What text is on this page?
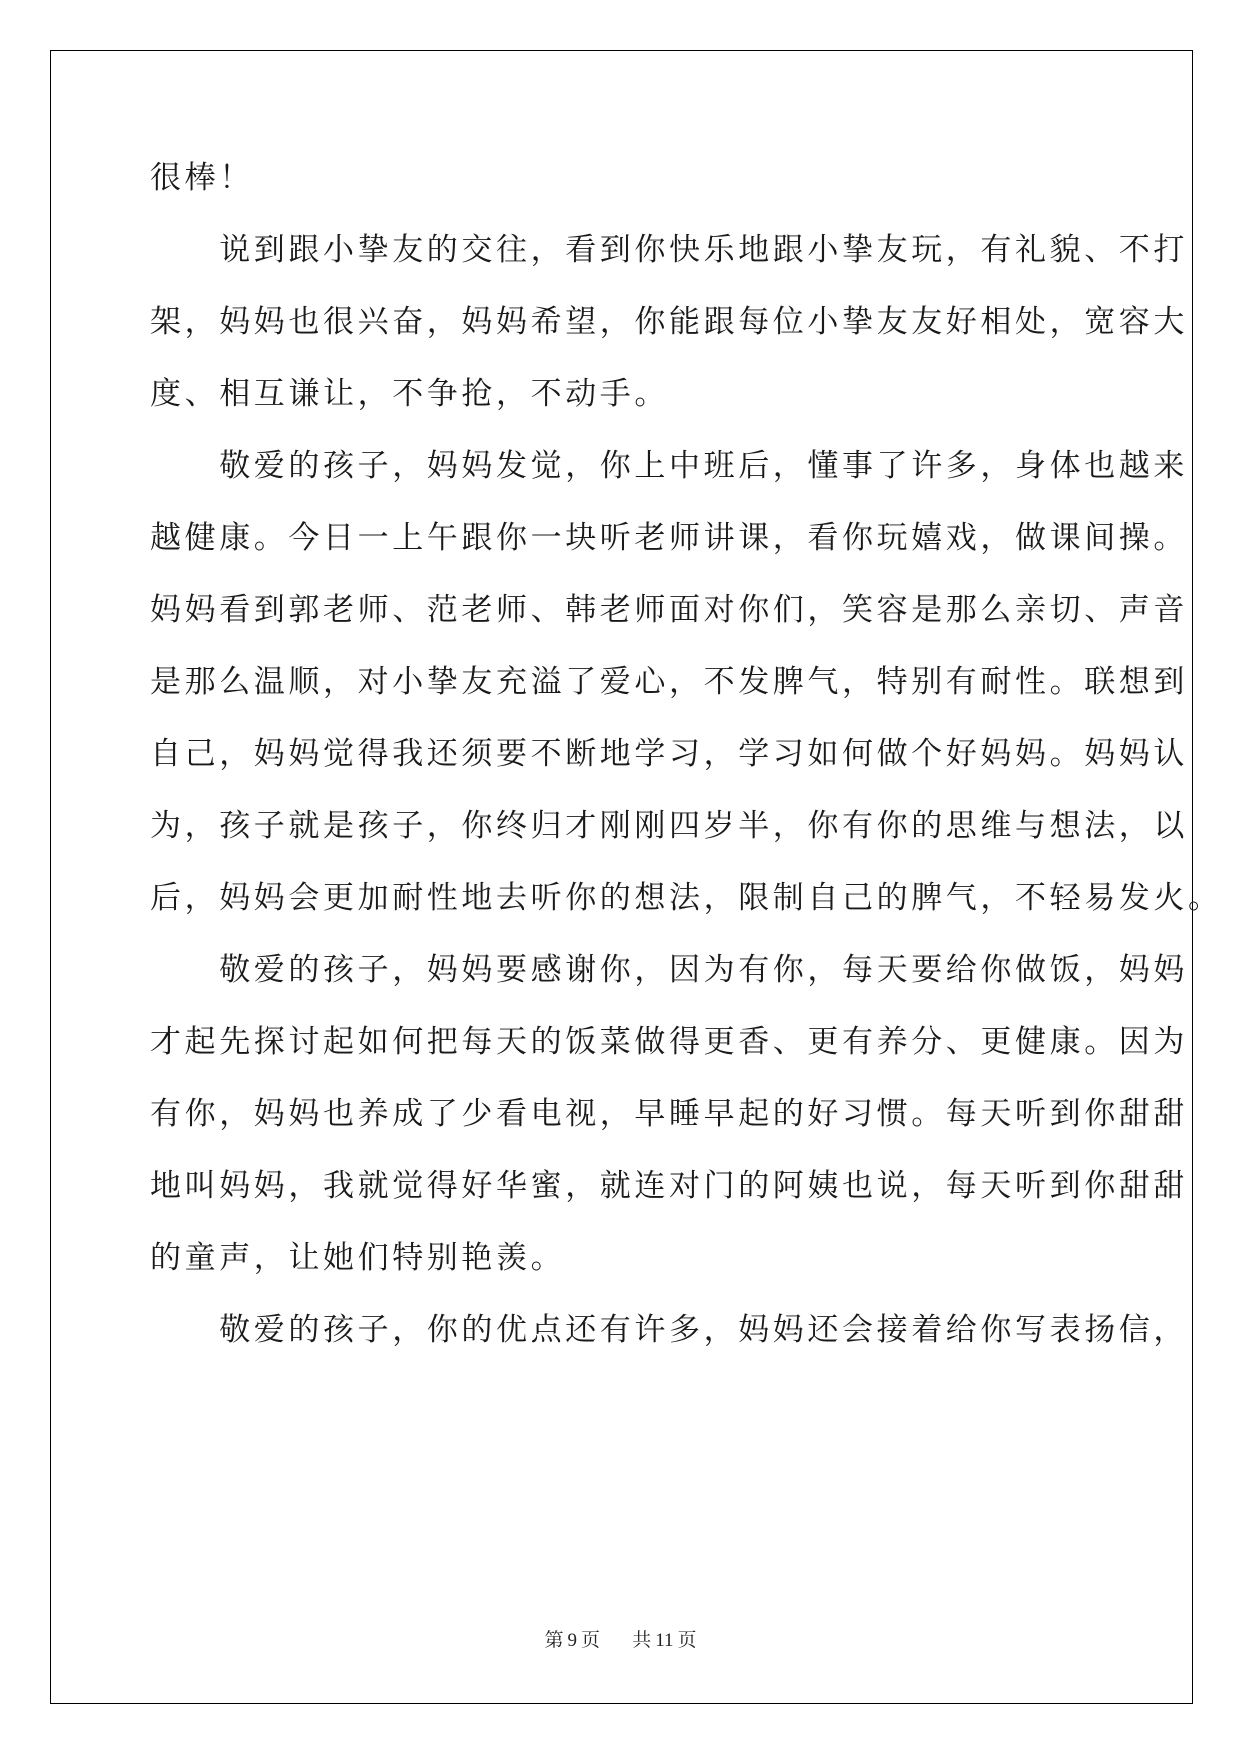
很棒！
　　说到跟小挚友的交往，看到你快乐地跟小挚友玩，有礼貌、不打
架，妈妈也很兴奋，妈妈希望，你能跟每位小挚友友好相处，宽容大
度、相互谦让，不争抢，不动手。
　　敬爱的孩子，妈妈发觉，你上中班后，懂事了许多，身体也越来
越健康。今日一上午跟你一块听老师讲课，看你玩嬉戏，做课间操。
妈妈看到郭老师、范老师、韩老师面对你们，笑容是那么亲切、声音
是那么温顺，对小挚友充溢了爱心，不发脾气，特别有耐性。联想到
自己，妈妈觉得我还须要不断地学习，学习如何做个好妈妈。妈妈认
为，孩子就是孩子，你终归才刚刚四岁半，你有你的思维与想法，以
后，妈妈会更加耐性地去听你的想法，限制自己的脾气，不轻易发火。
　　敬爱的孩子，妈妈要感谢你，因为有你，每天要给你做饭，妈妈
才起先探讨起如何把每天的饭菜做得更香、更有养分、更健康。因为
有你，妈妈也养成了少看电视，早睡早起的好习惯。每天听到你甜甜
地叫妈妈，我就觉得好华蜜，就连对门的阿姨也说，每天听到你甜甜
的童声，让她们特别艳羡。
　　敬爱的孩子，你的优点还有许多，妈妈还会接着给你写表扬信，
第 9 页 共 11 页
